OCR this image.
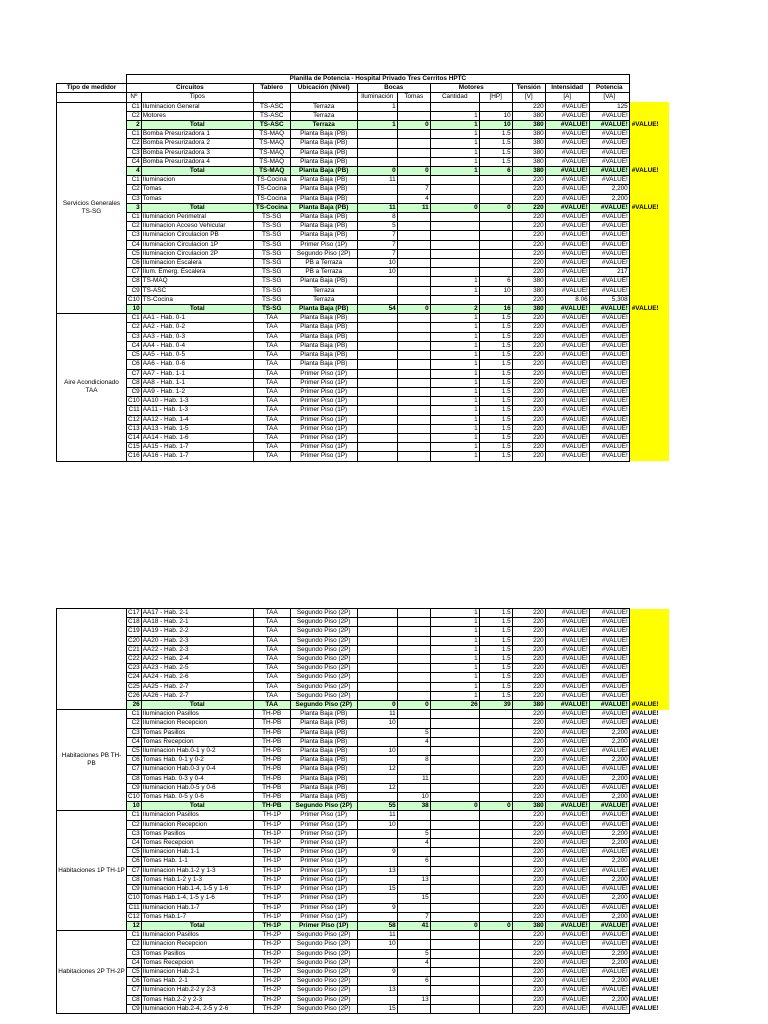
	Planilla de Potencia - Hospital Privado Tres Cerritos HPTC											
Tipo de medidor	Circuitos		Tablero	Ubicación (Nivel)	Bocas		Motores		Tensión	Intensidad	Potencia	
	Nº	Tipos			Iluminación	Tomas	Cantidad	[HP]	[V]	[A]	[VA]	
Servicios Generales TS-SG	C1	Iluminacion General	TS-ASC	Terraza	1				220	#VALUE!	125	
	C2	Motores	TS-ASC	Terraza			1	10	380	#VALUE!	#VALUE!	
	2	Total	TS-ASC	Terraza	1	0	1	10	380	#VALUE!	#VALUE!	#VALUE!
	C1	Bomba Presurizadora 1	TS-MAQ	Planta Baja (PB)			1	1.5	380	#VALUE!	#VALUE!	
	C2	Bomba Presurizadora 2	TS-MAQ	Planta Baja (PB)			1	1.5	380	#VALUE!	#VALUE!	
	C3	Bomba Presurizadora 3	TS-MAQ	Planta Baja (PB)			1	1.5	380	#VALUE!	#VALUE!	
	C4	Bomba Presurizadora 4	TS-MAQ	Planta Baja (PB)			1	1.5	380	#VALUE!	#VALUE!	
	4	Total	TS-MAQ	Planta Baja (PB)	0	0	1	6	380	#VALUE!	#VALUE!	#VALUE!
	C1	Iluminacion	TS-Cocina	Planta Baja (PB)	11				220	#VALUE!	#VALUE!	
	C2	Tomas	TS-Cocina	Planta Baja (PB)		7			220	#VALUE!	2,200	
	C3	Tomas	TS-Cocina	Planta Baja (PB)		4			220	#VALUE!	2,200	
	3	Total	TS-Cocina	Planta Baja (PB)	11	11	0	0	220	#VALUE!	#VALUE!	#VALUE!
	C1	Iluminacion Perimetral	TS-SG	Planta Baja (PB)	8				220	#VALUE!	#VALUE!	
	C2	Iluminacion Acceso Vehicular	TS-SG	Planta Baja (PB)	5				220	#VALUE!	#VALUE!	
	C3	Iluminacion Circulacion PB	TS-SG	Planta Baja (PB)	7				220	#VALUE!	#VALUE!	
	C4	Iluminacion Circulacion 1P	TS-SG	Primer Piso (1P)	7				220	#VALUE!	#VALUE!	
	C5	Iluminacion Circulacion 2P	TS-SG	Segundo Piso (2P)	7				220	#VALUE!	#VALUE!	
	C6	Iluminacion Escalera	TS-SG	PB a Terraza	10				220	#VALUE!	#VALUE!	
	C7	Ilum. Emerg. Escalera	TS-SG	PB a Terraza	10				220	#VALUE!	217	
	C8	TS-MAQ	TS-SG	Planta Baja (PB)			1	6	380	#VALUE!	#VALUE!	
	C9	TS-ASC	TS-SG	Terraza			1	10	380	#VALUE!	#VALUE!	
	C10	TS-Cocina	TS-SG	Terraza					220	8.06	5,308	
	10	Total	TS-SG	Planta Baja (PB)	54	0	2	16	380	#VALUE!	#VALUE!	#VALUE!
Aire Acondicionado TAA	C1	AA1 - Hab. 0-1	TAA	Planta Baja (PB)			1	1.5	220	#VALUE!	#VALUE!	
	C2	AA2 - Hab. 0-2	TAA	Planta Baja (PB)			1	1.5	220	#VALUE!	#VALUE!	
	C3	AA3 - Hab. 0-3	TAA	Planta Baja (PB)			1	1.5	220	#VALUE!	#VALUE!	
	C4	AA4 - Hab. 0-4	TAA	Planta Baja (PB)			1	1.5	220	#VALUE!	#VALUE!	
	C5	AA5 - Hab. 0-5	TAA	Planta Baja (PB)			1	1.5	220	#VALUE!	#VALUE!	
	C6	AA6 - Hab. 0-6	TAA	Planta Baja (PB)			1	1.5	220	#VALUE!	#VALUE!	
	C7	AA7 - Hab. 1-1	TAA	Primer Piso (1P)			1	1.5	220	#VALUE!	#VALUE!	
	C8	AA8 - Hab. 1-1	TAA	Primer Piso (1P)			1	1.5	220	#VALUE!	#VALUE!	
	C9	AA9 - Hab. 1-2	TAA	Primer Piso (1P)			1	1.5	220	#VALUE!	#VALUE!	
	C10	AA10 - Hab. 1-3	TAA	Primer Piso (1P)			1	1.5	220	#VALUE!	#VALUE!	
	C11	AA11 - Hab. 1-3	TAA	Primer Piso (1P)			1	1.5	220	#VALUE!	#VALUE!	
	C12	AA12 - Hab. 1-4	TAA	Primer Piso (1P)			1	1.5	220	#VALUE!	#VALUE!	
	C13	AA13 - Hab. 1-5	TAA	Primer Piso (1P)			1	1.5	220	#VALUE!	#VALUE!	
	C14	AA14 - Hab. 1-6	TAA	Primer Piso (1P)			1	1.5	220	#VALUE!	#VALUE!	
	C15	AA15 - Hab. 1-7	TAA	Primer Piso (1P)			1	1.5	220	#VALUE!	#VALUE!	
	C16	AA16 - Hab. 1-7	TAA	Primer Piso (1P)			1	1.5	220	#VALUE!	#VALUE!	
	C17	AA17 - Hab. 2-1	TAA	Segundo Piso (2P)			1	1.5	220	#VALUE!	#VALUE!	
	C18	AA18 - Hab. 2-1	TAA	Segundo Piso (2P)			1	1.5	220	#VALUE!	#VALUE!	
	C19	AA19 - Hab. 2-2	TAA	Segundo Piso (2P)			1	1.5	220	#VALUE!	#VALUE!	
	C20	AA20 - Hab. 2-3	TAA	Segundo Piso (2P)			1	1.5	220	#VALUE!	#VALUE!	
	C21	AA22 - Hab. 2-3	TAA	Segundo Piso (2P)			1	1.5	220	#VALUE!	#VALUE!	
	C22	AA22 - Hab. 2-4	TAA	Segundo Piso (2P)			1	1.5	220	#VALUE!	#VALUE!	
	C23	AA23 - Hab. 2-5	TAA	Segundo Piso (2P)			1	1.5	220	#VALUE!	#VALUE!	
	C24	AA24 - Hab. 2-6	TAA	Segundo Piso (2P)			1	1.5	220	#VALUE!	#VALUE!	
	C25	AA25 - Hab. 2-7	TAA	Segundo Piso (2P)			1	1.5	220	#VALUE!	#VALUE!	
	C26	AA26 - Hab. 2-7	TAA	Segundo Piso (2P)			1	1.5	220	#VALUE!	#VALUE!	
	26	Total	TAA	Segundo Piso (2P)	0	0	26	39	380	#VALUE!	#VALUE!	#VALUE!
Habitaciones PB TH-PB	C1	Iluminacion Pasillos	TH-PB	Planta Baja (PB)	11				220	#VALUE!	#VALUE!	#VALUE!
	C2	Iluminacion Recepcion	TH-PB	Planta Baja (PB)	10				220	#VALUE!	#VALUE!	#VALUE!
	C3	Tomas Pasillos	TH-PB	Planta Baja (PB)		5			220	#VALUE!	2,200	#VALUE!
	C4	Tomas Recepcion	TH-PB	Planta Baja (PB)		4			220	#VALUE!	2,200	#VALUE!
	C5	Iluminacion Hab.0-1 y 0-2	TH-PB	Planta Baja (PB)	10				220	#VALUE!	#VALUE!	#VALUE!
	C6	Tomas Hab. 0-1 y 0-2	TH-PB	Planta Baja (PB)		8			220	#VALUE!	2,200	#VALUE!
	C7	Iluminacion Hab.0-3 y 0-4	TH-PB	Planta Baja (PB)	12				220	#VALUE!	#VALUE!	#VALUE!
	C8	Tomas Hab. 0-3 y 0-4	TH-PB	Planta Baja (PB)		11			220	#VALUE!	2,200	#VALUE!
	C9	Iluminacion Hab.0-5 y 0-6	TH-PB	Planta Baja (PB)	12				220	#VALUE!	#VALUE!	#VALUE!
	C10	Tomas Hab. 0-5 y 0-6	TH-PB	Planta Baja (PB)		10			220	#VALUE!	2,200	#VALUE!
	10	Total	TH-PB	Segundo Piso (2P)	55	38	0	0	380	#VALUE!	#VALUE!	#VALUE!
Habitaciones 1P TH-1P	C1	Iluminacion Pasillos	TH-1P	Primer Piso (1P)	11				220	#VALUE!	#VALUE!	#VALUE!
	C2	Iluminacion Recepcion	TH-1P	Primer Piso (1P)	10				220	#VALUE!	#VALUE!	#VALUE!
	C3	Tomas Pasillos	TH-1P	Primer Piso (1P)		5			220	#VALUE!	2,200	#VALUE!
	C4	Tomas Recepcion	TH-1P	Primer Piso (1P)		4			220	#VALUE!	2,200	#VALUE!
	C5	Iluminacion Hab.1-1	TH-1P	Primer Piso (1P)	9				220	#VALUE!	#VALUE!	#VALUE!
	C6	Tomas Hab. 1-1	TH-1P	Primer Piso (1P)		6			220	#VALUE!	2,200	#VALUE!
	C7	Iluminacion Hab.1-2 y 1-3	TH-1P	Primer Piso (1P)	13				220	#VALUE!	#VALUE!	#VALUE!
	C8	Tomas Hab.1-2 y 1-3	TH-1P	Primer Piso (1P)		13			220	#VALUE!	2,200	#VALUE!
	C9	Iluminacion Hab.1-4, 1-5 y 1-6	TH-1P	Primer Piso (1P)	15				220	#VALUE!	#VALUE!	#VALUE!
	C10	Tomas Hab.1-4, 1-5 y 1-6	TH-1P	Primer Piso (1P)		15			220	#VALUE!	2,200	#VALUE!
	C11	Iluminacion Hab.1-7	TH-1P	Primer Piso (1P)	9				220	#VALUE!	#VALUE!	#VALUE!
	C12	Tomas Hab.1-7	TH-1P	Primer Piso (1P)		7			220	#VALUE!	2,200	#VALUE!
	12	Total	TH-1P	Primer Piso (1P)	58	41	0	0	380	#VALUE!	#VALUE!	#VALUE!
Habitaciones 2P TH-2P	C1	Iluminacion Pasillos	TH-2P	Segundo Piso (2P)	11				220	#VALUE!	#VALUE!	#VALUE!
	C2	Iluminacion Recepcion	TH-2P	Segundo Piso (2P)	10				220	#VALUE!	#VALUE!	#VALUE!
	C3	Tomas Pasillos	TH-2P	Segundo Piso (2P)		5			220	#VALUE!	2,200	#VALUE!
	C4	Tomas Recepcion	TH-2P	Segundo Piso (2P)		4			220	#VALUE!	2,200	#VALUE!
	C5	Iluminacion Hab.2-1	TH-2P	Segundo Piso (2P)	9				220	#VALUE!	#VALUE!	#VALUE!
	C6	Tomas Hab. 2-1	TH-2P	Segundo Piso (2P)		6			220	#VALUE!	2,200	#VALUE!
	C7	Iluminacion Hab.2-2 y 2-3	TH-2P	Segundo Piso (2P)	13				220	#VALUE!	#VALUE!	#VALUE!
	C8	Tomas Hab.2-2 y 2-3	TH-2P	Segundo Piso (2P)		13			220	#VALUE!	2,200	#VALUE!
	C9	Iluminacion Hab.2-4, 2-5 y 2-6	TH-2P	Segundo Piso (2P)	15				220	#VALUE!	#VALUE!	#VALUE!
